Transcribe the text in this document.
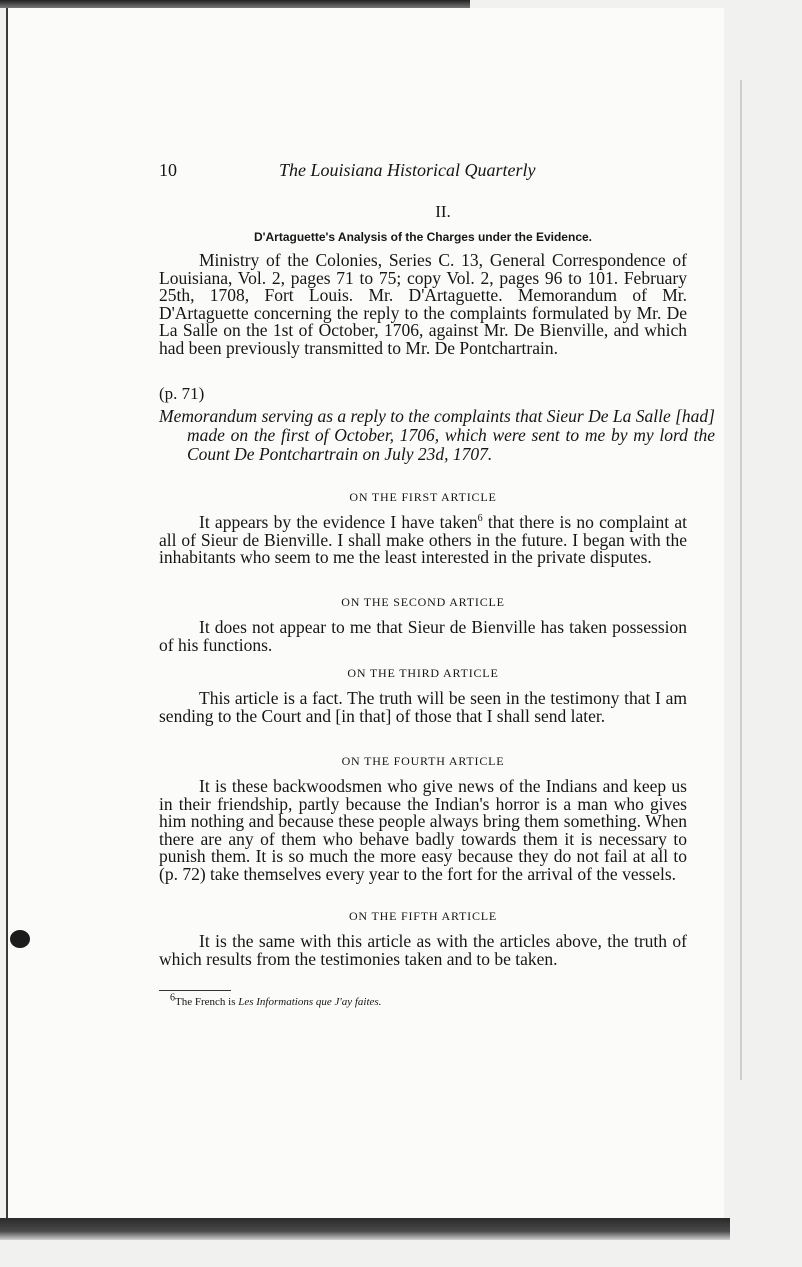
10	The Louisiana Historical Quarterly
II.
D'Artaguette's Analysis of the Charges under the Evidence.
Ministry of the Colonies, Series C. 13, General Correspondence of Louisiana, Vol. 2, pages 71 to 75; copy Vol. 2, pages 96 to 101. February 25th, 1708, Fort Louis. Mr. D'Artaguette. Memorandum of Mr. D'Artaguette concerning the reply to the complaints formulated by Mr. De La Salle on the 1st of October, 1706, against Mr. De Bienville, and which had been previously transmitted to Mr. De Pontchartrain.
(p. 71)
Memorandum serving as a reply to the complaints that Sieur De La Salle [had] made on the first of October, 1706, which were sent to me by my lord the Count De Pontchartrain on July 23d, 1707.
ON THE FIRST ARTICLE
It appears by the evidence I have taken$^6$ that there is no complaint at all of Sieur de Bienville. I shall make others in the future. I began with the inhabitants who seem to me the least interested in the private disputes.
ON THE SECOND ARTICLE
It does not appear to me that Sieur de Bienville has taken possession of his functions.
ON THE THIRD ARTICLE
This article is a fact. The truth will be seen in the testimony that I am sending to the Court and [in that] of those that I shall send later.
ON THE FOURTH ARTICLE
It is these backwoodsmen who give news of the Indians and keep us in their friendship, partly because the Indian's horror is a man who gives him nothing and because these people always bring them something. When there are any of them who behave badly towards them it is necessary to punish them. It is so much the more easy because they do not fail at all to (p. 72) take themselves every year to the fort for the arrival of the vessels.
ON THE FIFTH ARTICLE
It is the same with this article as with the articles above, the truth of which results from the testimonies taken and to be taken.
$^6$The French is Les Informations que J'ay faites.
